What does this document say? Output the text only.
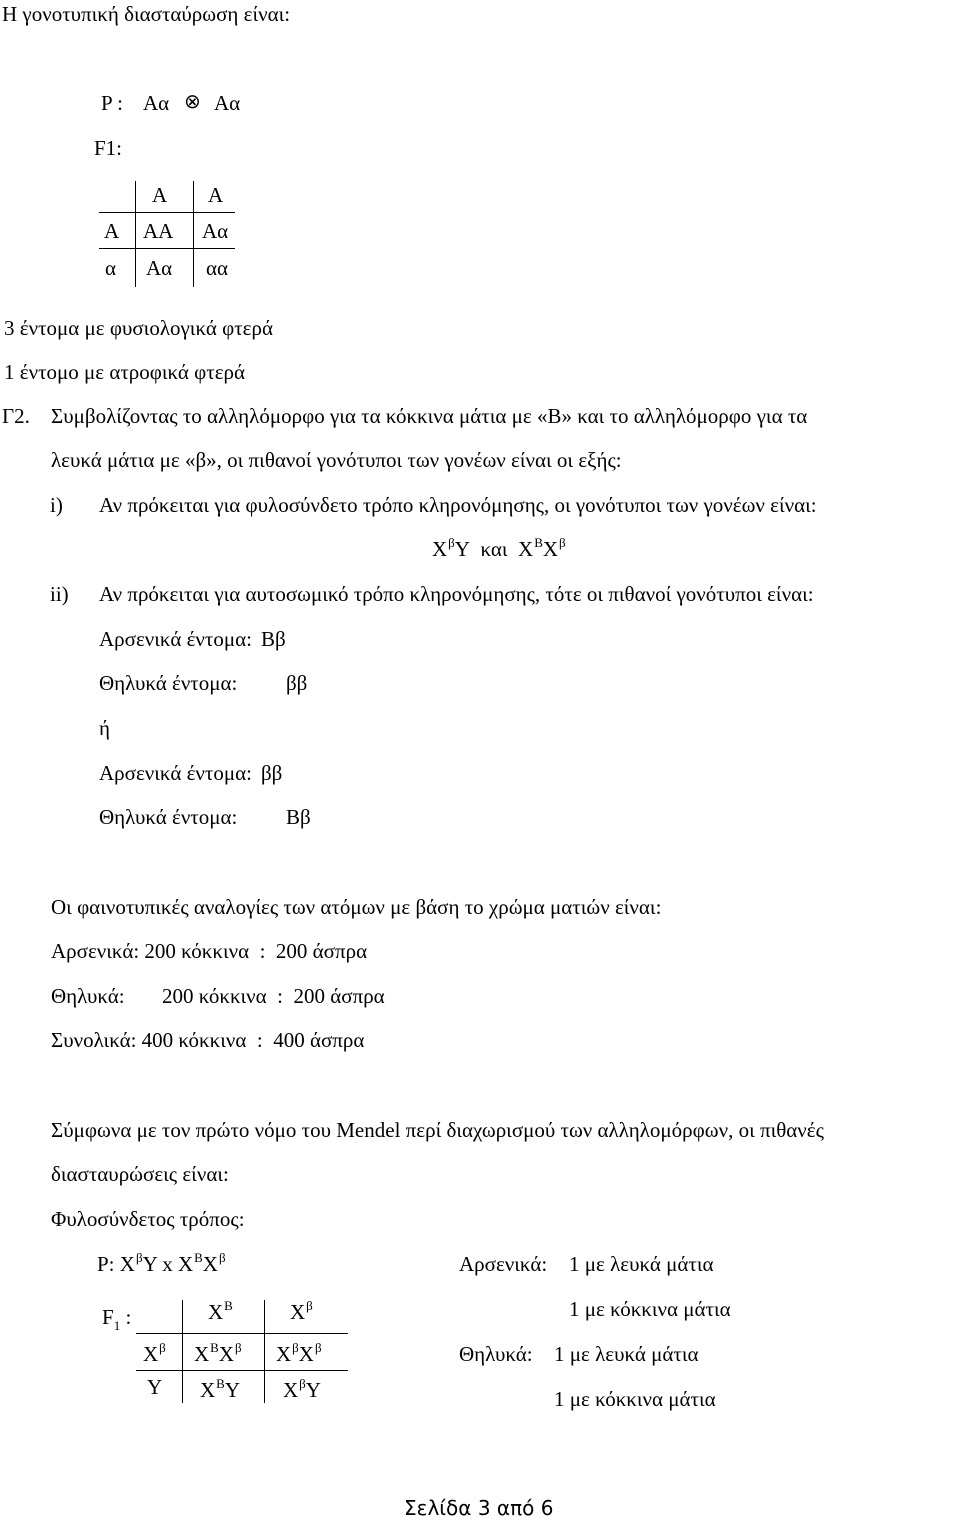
Η γονοτυπική διασταύρωση είναι:
P : Αα ⊗ Αα
F1:
Α Α
Α ΑΑ Αα
α Αα αα
3 έντομα με φυσιολογικά φτερά
1 έντομο με ατροφικά φτερά
Γ2. Συμβολίζοντας το αλληλόμορφο για τα κόκκινα μάτια με «Β» και το αλληλόμορφο για τα
λευκά μάτια με «β», οι πιθανοί γονότυποι των γονέων είναι οι εξής:
i) Αν πρόκειται για φυλοσύνδετο τρόπο κληρονόμησης, οι γονότυποι των γονέων είναι:
$X^\beta Y$  και  $X^BX^\beta$
ii) Αν πρόκειται για αυτοσωμικό τρόπο κληρονόμησης, τότε οι πιθανοί γονότυποι είναι:
Αρσενικά έντομα: Ββ
Θηλυκά έντομα: ββ
ή
Αρσενικά έντομα: ββ
Θηλυκά έντομα: Ββ
Οι φαινοτυπικές αναλογίες των ατόμων με βάση το χρώμα ματιών είναι:
Αρσενικά: 200 κόκκινα  :  200 άσπρα
Θηλυκά: 200 κόκκινα  :  200 άσπρα
Συνολικά: 400 κόκκινα  :  400 άσπρα
Σύμφωνα με τον πρώτο νόμο του Mendel περί διαχωρισμού των αλληλομόρφων, οι πιθανές
διασταυρώσεις είναι:
Φυλοσύνδετος τρόπος:
P: $X^\beta Y$ x $X^BX^\beta$
$F_1$ :	$X^B$	$X^\beta$
$X^\beta$ $X^BX^\beta$ $X^\beta X^\beta$
Y $X^BY$ $X^\beta Y$
Αρσενικά: 1 με λευκά μάτια
1 με κόκκινα μάτια
Θηλυκά: 1 με λευκά μάτια
1 με κόκκινα μάτια
Σελίδα 3 από 6
